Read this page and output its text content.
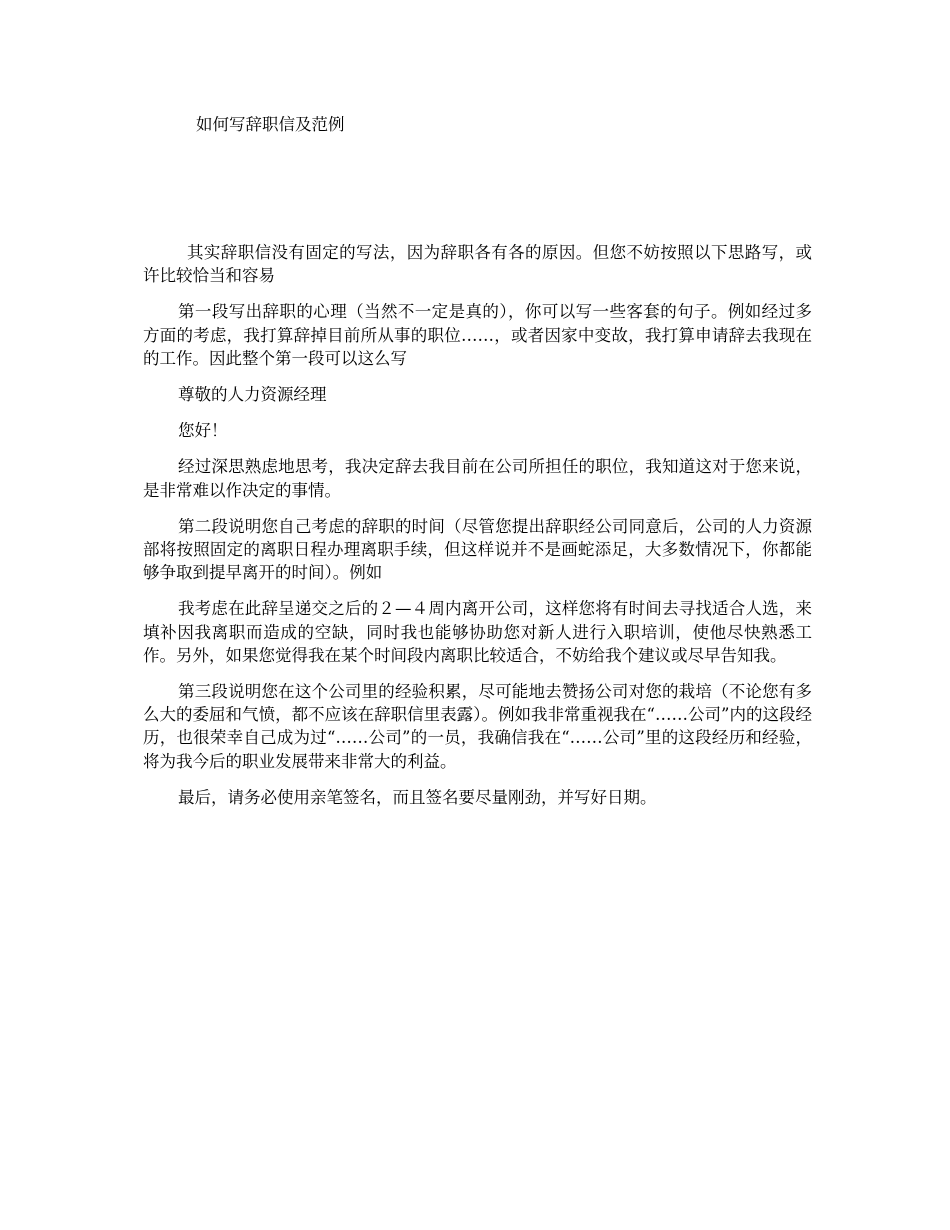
如何写辞职信及范例

其实辞职信没有固定的写法，因为辞职各有各的原因。但您不妨按照以下思路写，或许比较恰当和容易

第一段写出辞职的心理（当然不一定是真的），你可以写一些客套的句子。例如经过多方面的考虑，我打算辞掉目前所从事的职位……，或者因家中变故，我打算申请辞去我现在的工作。因此整个第一段可以这么写

尊敬的人力资源经理

您好！

经过深思熟虑地思考，我决定辞去我目前在公司所担任的职位，我知道这对于您来说，是非常难以作决定的事情。

第二段说明您自己考虑的辞职的时间（尽管您提出辞职经公司同意后，公司的人力资源部将按照固定的离职日程办理离职手续，但这样说并不是画蛇添足，大多数情况下，你都能够争取到提早离开的时间）。例如

我考虑在此辞呈递交之后的２—４周内离开公司，这样您将有时间去寻找适合人选，来填补因我离职而造成的空缺，同时我也能够协助您对新人进行入职培训，使他尽快熟悉工作。另外，如果您觉得我在某个时间段内离职比较适合，不妨给我个建议或尽早告知我。

第三段说明您在这个公司里的经验积累，尽可能地去赞扬公司对您的栽培（不论您有多么大的委屈和气愤，都不应该在辞职信里表露）。例如我非常重视我在“……公司”内的这段经历，也很荣幸自己成为过“……公司”的一员，我确信我在“……公司”里的这段经历和经验，将为我今后的职业发展带来非常大的利益。

最后，请务必使用亲笔签名，而且签名要尽量刚劲，并写好日期。
